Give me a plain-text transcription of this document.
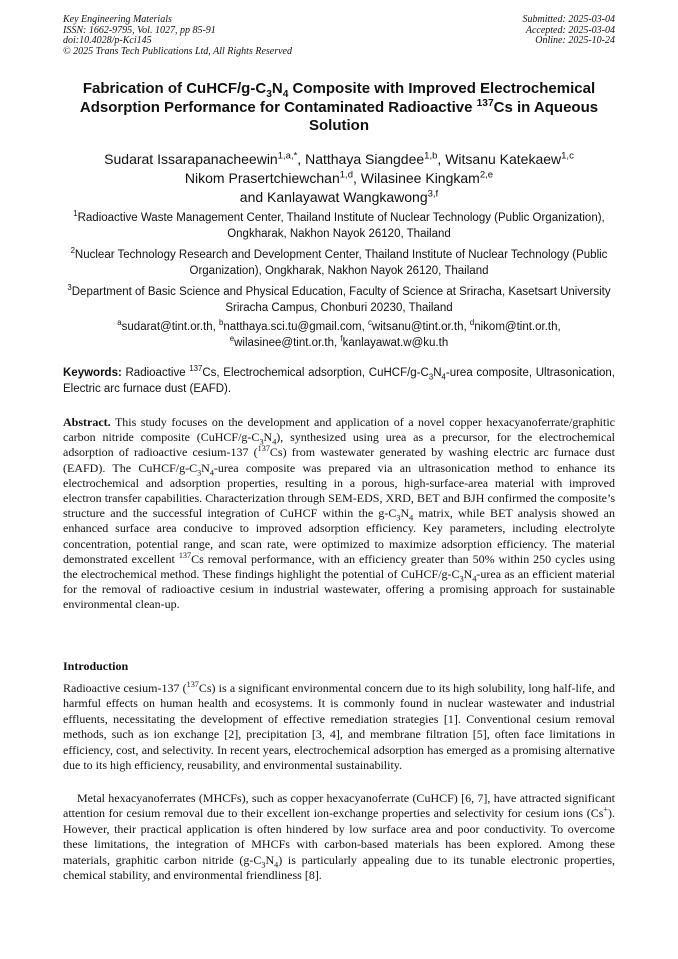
Key Engineering Materials
ISSN: 1662-9795, Vol. 1027, pp 85-91
doi:10.4028/p-Kci145
© 2025 Trans Tech Publications Ltd, All Rights Reserved
Submitted: 2025-03-04
Accepted: 2025-03-04
Online: 2025-10-24
Fabrication of CuHCF/$g-C_3N_4$ Composite with Improved Electrochemical Adsorption Performance for Contaminated Radioactive $^{137}$Cs in Aqueous Solution
Sudarat Issarapanacheewin$^{1,a,*}$, Natthaya Siangdee$^{1,b}$, Witsanu Katekaew$^{1,c}$
Nikom Prasertchiewchan$^{1,d}$, Wilasinee Kingkam$^{2,e}$
and Kanlayawat Wangkawong$^{3,f}$
$^1$Radioactive Waste Management Center, Thailand Institute of Nuclear Technology (Public Organization), Ongkharak, Nakhon Nayok 26120, Thailand
$^2$Nuclear Technology Research and Development Center, Thailand Institute of Nuclear Technology (Public Organization), Ongkharak, Nakhon Nayok 26120, Thailand
$^3$Department of Basic Science and Physical Education, Faculty of Science at Sriracha, Kasetsart University Sriracha Campus, Chonburi 20230, Thailand
$^a$sudarat@tint.or.th, $^b$natthaya.sci.tu@gmail.com, $^c$witsanu@tint.or.th, $^d$nikom@tint.or.th,
$^e$wilasinee@tint.or.th, $^f$kanlayawat.w@ku.th
Keywords: Radioactive $^{137}$Cs, Electrochemical adsorption, CuHCF/$g-C_3N_4$-urea composite, Ultrasonication, Electric arc furnace dust (EAFD).
Abstract. This study focuses on the development and application of a novel copper hexacyanoferrate/graphitic carbon nitride composite $(CuHCF/g-C_3N_4)$, synthesized using urea as a precursor, for the electrochemical adsorption of radioactive cesium-137 ($^{137}$Cs) from wastewater generated by washing electric arc furnace dust (EAFD). The CuHCF/$g-C_3N_4$-urea composite was prepared via an ultrasonication method to enhance its electrochemical and adsorption properties, resulting in a porous, high-surface-area material with improved electron transfer capabilities. Characterization through SEM-EDS, XRD, BET and BJH confirmed the composite’s structure and the successful integration of CuHCF within the $g-C_3N_4$ matrix, while BET analysis showed an enhanced surface area conducive to improved adsorption efficiency. Key parameters, including electrolyte concentration, potential range, and scan rate, were optimized to maximize adsorption efficiency. The material demonstrated excellent $^{137}$Cs removal performance, with an efficiency greater than 50% within 250 cycles using the electrochemical method. These findings highlight the potential of CuHCF/$g-C_3N_4$-urea as an efficient material for the removal of radioactive cesium in industrial wastewater, offering a promising approach for sustainable environmental clean-up.
Introduction

Radioactive cesium-137 ($^{137}$Cs) is a significant environmental concern due to its high solubility, long half-life, and harmful effects on human health and ecosystems. It is commonly found in nuclear wastewater and industrial effluents, necessitating the development of effective remediation strategies [1]. Conventional cesium removal methods, such as ion exchange [2], precipitation [3, 4], and membrane filtration [5], often face limitations in efficiency, cost, and selectivity. In recent years, electrochemical adsorption has emerged as a promising alternative due to its high efficiency, reusability, and environmental sustainability.

Metal hexacyanoferrates (MHCFs), such as copper hexacyanoferrate (CuHCF) [6, 7], have attracted significant attention for cesium removal due to their excellent ion-exchange properties and selectivity for cesium ions (Cs+). However, their practical application is often hindered by low surface area and poor conductivity. To overcome these limitations, the integration of MHCFs with carbon-based materials has been explored. Among these materials, graphitic carbon nitride $(g-C_3N_4)$ is particularly appealing due to its tunable electronic properties, chemical stability, and environmental friendliness [8].
